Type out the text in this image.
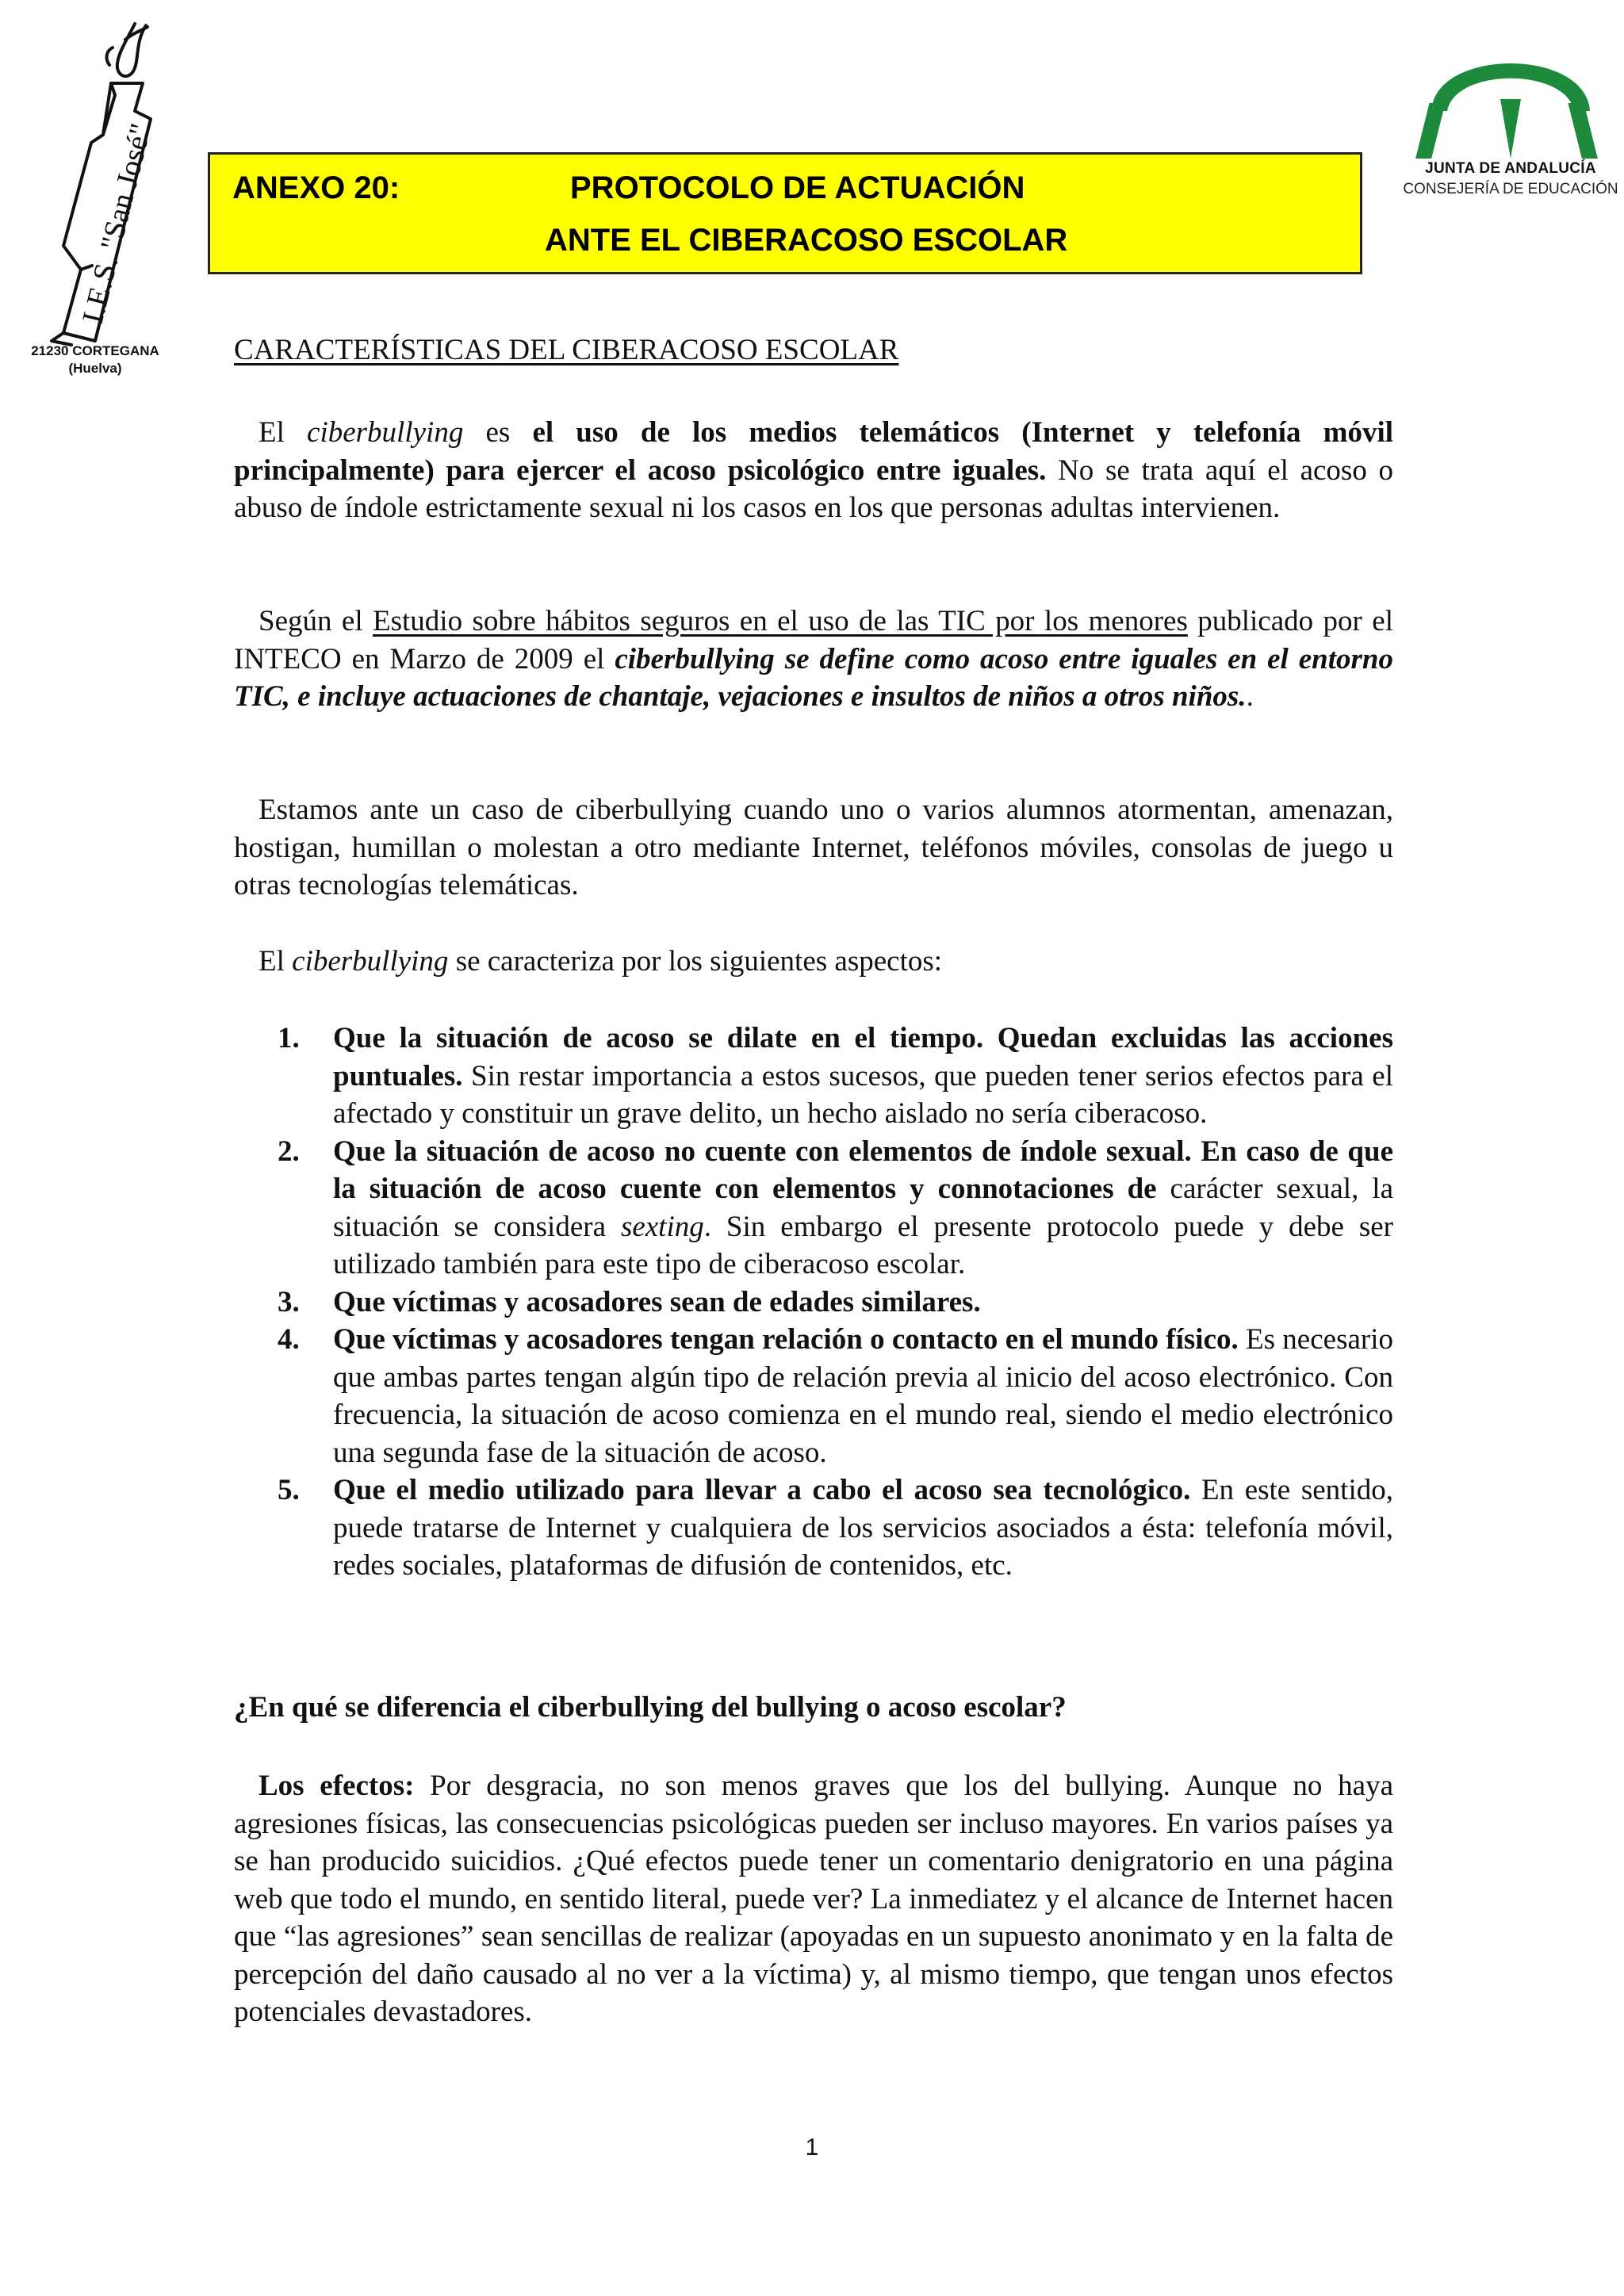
I.E.S. "San José"
21230 CORTEGANA
(Huelva)
JUNTA DE ANDALUCÍA
CONSEJERÍA DE EDUCACIÓN
ANEXO 20:	PROTOCOLO DE ACTUACIÓN
ANTE EL CIBERACOSO ESCOLAR
CARACTERÍSTICAS DEL CIBERACOSO ESCOLAR
El ciberbullying es el uso de los medios telemáticos (Internet y telefonía móvil principalmente) para ejercer el acoso psicológico entre iguales. No se trata aquí el acoso o abuso de índole estrictamente sexual ni los casos en los que personas adultas intervienen.
Según el Estudio sobre hábitos seguros en el uso de las TIC por los menores publicado por el INTECO en Marzo de 2009 el ciberbullying se define como acoso entre iguales en el entorno TIC, e incluye actuaciones de chantaje, vejaciones e insultos de niños a otros niños..
Estamos ante un caso de ciberbullying cuando uno o varios alumnos atormentan, amenazan, hostigan, humillan o molestan a otro mediante Internet, teléfonos móviles, consolas de juego u otras tecnologías telemáticas.
El ciberbullying se caracteriza por los siguientes aspectos:
1. Que la situación de acoso se dilate en el tiempo. Quedan excluidas las acciones puntuales. Sin restar importancia a estos sucesos, que pueden tener serios efectos para el afectado y constituir un grave delito, un hecho aislado no sería ciberacoso.
2. Que la situación de acoso no cuente con elementos de índole sexual. En caso de que la situación de acoso cuente con elementos y connotaciones de carácter sexual, la situación se considera sexting. Sin embargo el presente protocolo puede y debe ser utilizado también para este tipo de ciberacoso escolar.
3. Que víctimas y acosadores sean de edades similares.
4. Que víctimas y acosadores tengan relación o contacto en el mundo físico. Es necesario que ambas partes tengan algún tipo de relación previa al inicio del acoso electrónico. Con frecuencia, la situación de acoso comienza en el mundo real, siendo el medio electrónico una segunda fase de la situación de acoso.
5. Que el medio utilizado para llevar a cabo el acoso sea tecnológico. En este sentido, puede tratarse de Internet y cualquiera de los servicios asociados a ésta: telefonía móvil, redes sociales, plataformas de difusión de contenidos, etc.
¿En qué se diferencia el ciberbullying del bullying o acoso escolar?
Los efectos: Por desgracia, no son menos graves que los del bullying. Aunque no haya agresiones físicas, las consecuencias psicológicas pueden ser incluso mayores. En varios países ya se han producido suicidios. ¿Qué efectos puede tener un comentario denigratorio en una página web que todo el mundo, en sentido literal, puede ver? La inmediatez y el alcance de Internet hacen que “las agresiones” sean sencillas de realizar (apoyadas en un supuesto anonimato y en la falta de percepción del daño causado al no ver a la víctima) y, al mismo tiempo, que tengan unos efectos potenciales devastadores.
1
